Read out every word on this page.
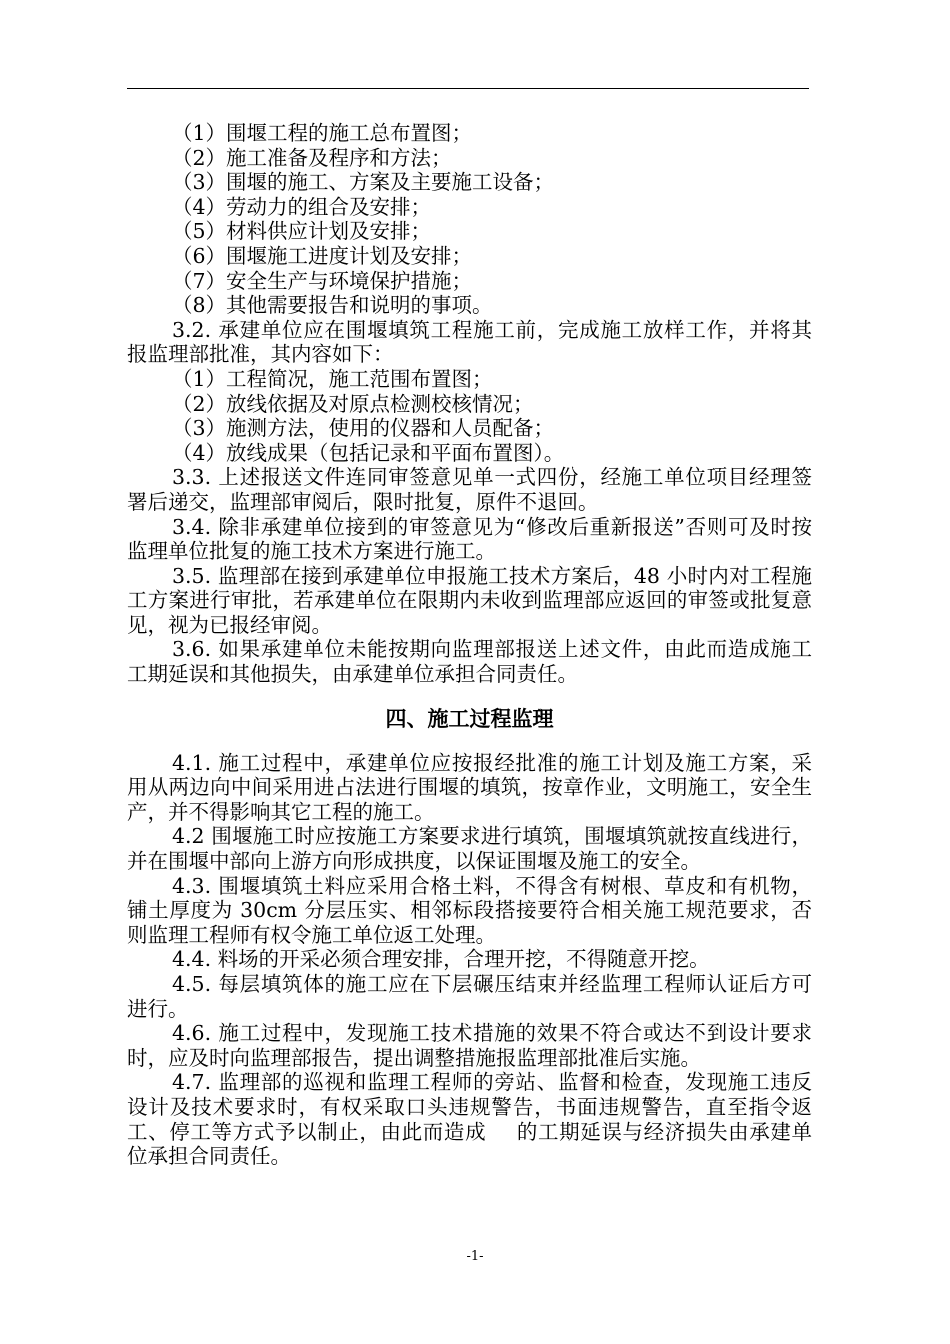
（1）围堰工程的施工总布置图；
（2）施工准备及程序和方法；
（3）围堰的施工、方案及主要施工设备；
（4）劳动力的组合及安排；
（5）材料供应计划及安排；
（6）围堰施工进度计划及安排；
（7）安全生产与环境保护措施；
（8）其他需要报告和说明的事项。
3.2. 承建单位应在围堰填筑工程施工前，完成施工放样工作，并将其报监理部批准，其内容如下：
（1）工程简况，施工范围布置图；
（2）放线依据及对原点检测校核情况；
（3）施测方法，使用的仪器和人员配备；
（4）放线成果（包括记录和平面布置图）。
3.3. 上述报送文件连同审签意见单一式四份，经施工单位项目经理签署后递交，监理部审阅后，限时批复，原件不退回。
3.4. 除非承建单位接到的审签意见为“修改后重新报送”否则可及时按监理单位批复的施工技术方案进行施工。
3.5. 监理部在接到承建单位申报施工技术方案后，48 小时内对工程施工方案进行审批，若承建单位在限期内未收到监理部应返回的审签或批复意见，视为已报经审阅。
3.6. 如果承建单位未能按期向监理部报送上述文件，由此而造成施工工期延误和其他损失，由承建单位承担合同责任。
四、施工过程监理
4.1. 施工过程中，承建单位应按报经批准的施工计划及施工方案，采用从两边向中间采用进占法进行围堰的填筑，按章作业，文明施工，安全生产，并不得影响其它工程的施工。
4.2 围堰施工时应按施工方案要求进行填筑，围堰填筑就按直线进行，并在围堰中部向上游方向形成拱度，以保证围堰及施工的安全。
4.3. 围堰填筑土料应采用合格土料，不得含有树根、草皮和有机物，铺土厚度为 30cm 分层压实、相邻标段搭接要符合相关施工规范要求，否则监理工程师有权令施工单位返工处理。
4.4. 料场的开采必须合理安排，合理开挖，不得随意开挖。
4.5. 每层填筑体的施工应在下层碾压结束并经监理工程师认证后方可进行。
4.6. 施工过程中，发现施工技术措施的效果不符合或达不到设计要求时，应及时向监理部报告，提出调整措施报监理部批准后实施。
4.7. 监理部的巡视和监理工程师的旁站、监督和检查，发现施工违反设计及技术要求时，有权采取口头违规警告，书面违规警告，直至指令返工、停工等方式予以制止，由此而造成 的工期延误与经济损失由承建单位承担合同责任。
-1-
